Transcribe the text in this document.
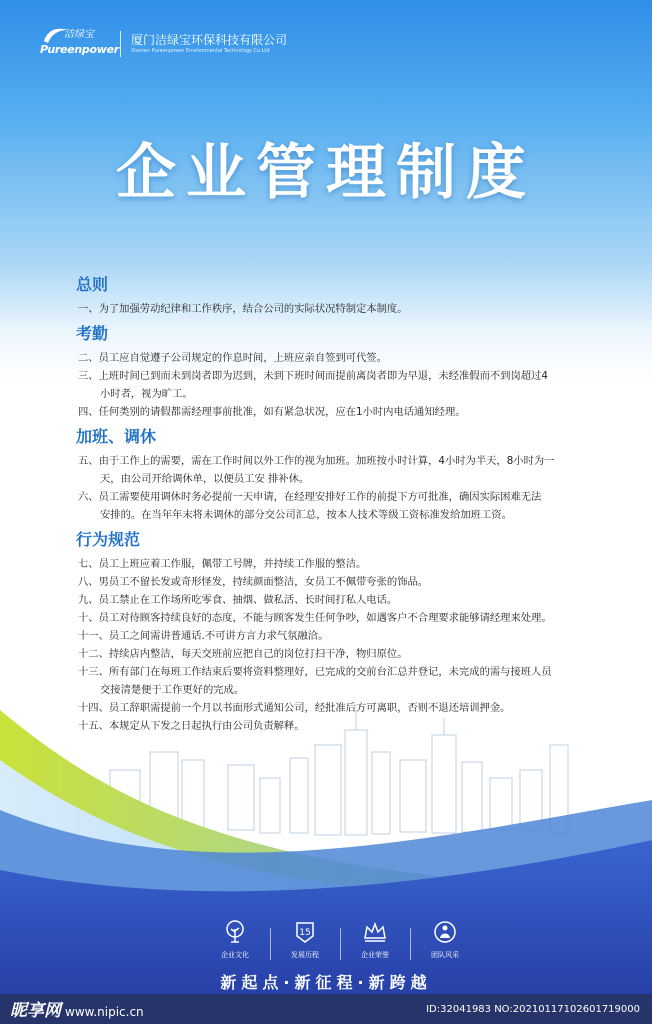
洁绿宝
Pureenpower
厦门洁绿宝环保科技有限公司
Xiamen Pureenpower Environmental Technology Co.Ltd
企业管理制度
总则
一、为了加强劳动纪律和工作秩序，结合公司的实际状况特制定本制度。
考勤
二、员工应自觉遵子公司规定的作息时间，上班应亲自签到可代签。
三、上班时间已到而未到岗者即为迟到，未到下班时间而提前离岗者即为早退，未经准假而不到岗超过4
小时者，视为旷工。
四、任何类别的请假都需经理事前批准，如有紧急状况，应在1小时内电话通知经理。
加班、调休
五、由于工作上的需要，需在工作时间以外工作的视为加班。加班按小时计算，4小时为半天，8小时为一
天，由公司开给调休单，以便员工安 排补休。
六、员工需要使用调休时务必提前一天申请，在经理安排好工作的前提下方可批准，确因实际困难无法
安排的。在当年年末将未调休的部分交公司汇总，按本人技术等级工资标准发给加班工资。
行为规范
七、员工上班应着工作服，佩带工号牌，并持续工作服的整洁。
八、男员工不留长发或奇形怪发，持续颜面整洁，女员工不佩带夸张的饰品。
九、员工禁止在工作场所吃零食、抽烟、做私活、长时间打私人电话。
十、员工对待顾客持续良好的态度，不能与顾客发生任何争吵，如遇客户不合理要求能够请经理来处理。
十一、员工之间需讲普通话.不可讲方言力求气氛融洽。
十二、持续店内整洁，每天交班前应把自己的岗位打扫干净，物归原位。
十三、所有部门在每班工作结束后要将资料整理好，已完成的交前台汇总并登记，未完成的需与接班人员
交接清楚便于工作更好的完成。
十四、员工辞职需提前一个月以书面形式通知公司，经批准后方可离职，否则不退还培训押金。
十五、本规定从下发之日起执行由公司负责解释。
企业文化
15
发展历程	企业荣誉	团队风采
新起点·新征程·新跨越
昵享网 www.nipic.cn	ID:32041983 NO:20210117102601719000
